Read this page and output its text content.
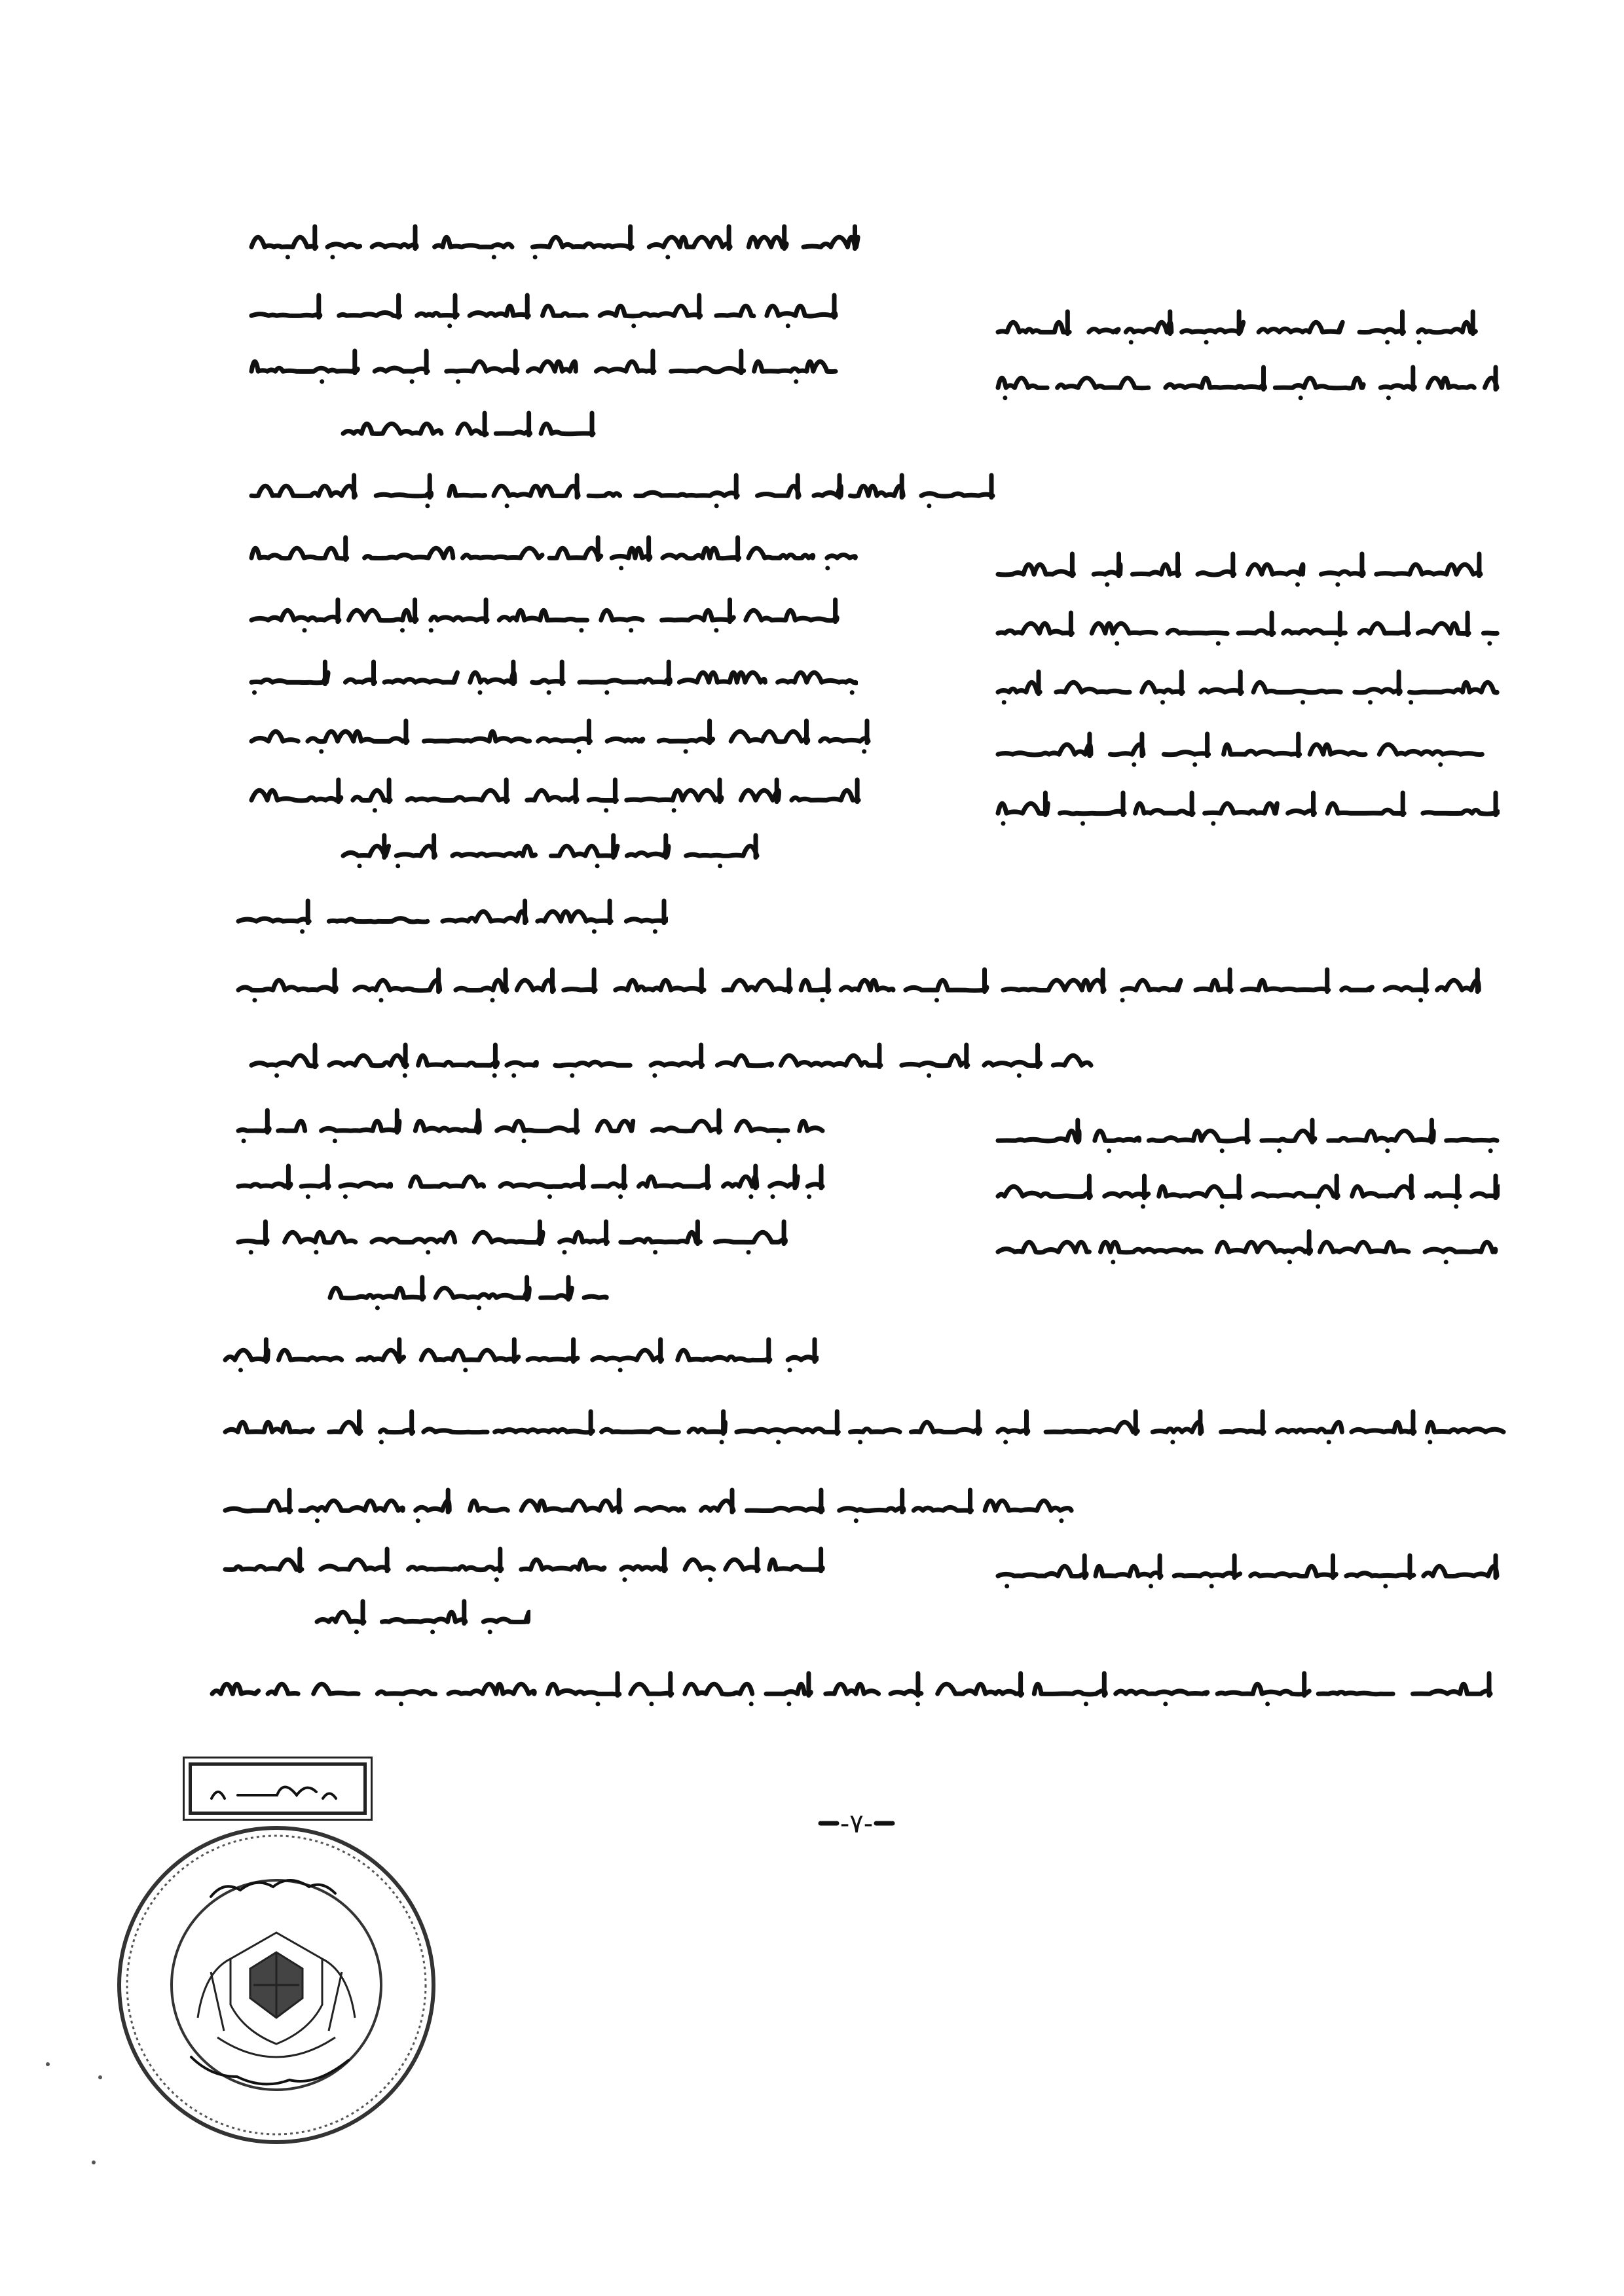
-٧-
